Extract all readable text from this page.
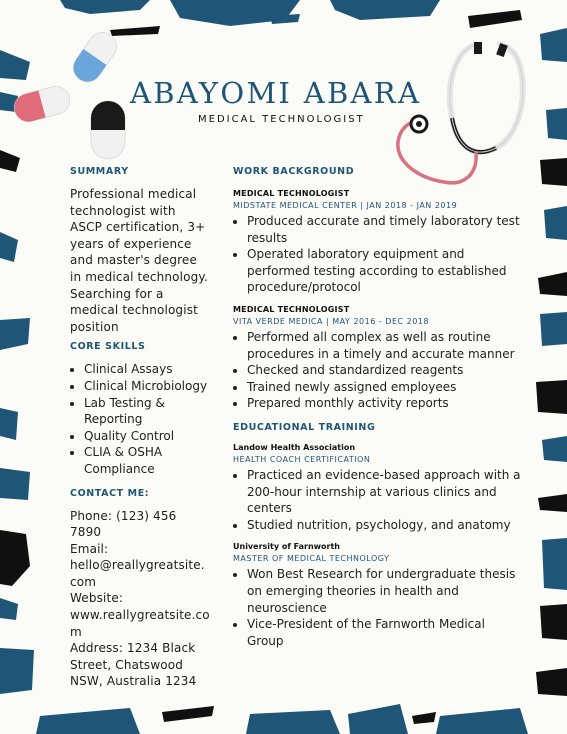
ABAYOMI ABARA
MEDICAL TECHNOLOGIST
SUMMARY
Professional medical technologist with ASCP certification, 3+ years of experience and master's degree in medical technology. Searching for a medical technologist position
CORE SKILLS
• Clinical Assays
• Clinical Microbiology
• Lab Testing & Reporting
• Quality Control
• CLIA & OSHA Compliance
CONTACT ME:
Phone: (123) 456 7890
Email:
hello@reallygreatsite.com
Website:
www.reallygreatsite.com
Address: 1234 Black Street, Chatswood NSW, Australia 1234
WORK BACKGROUND
MEDICAL TECHNOLOGIST
MIDSTATE MEDICAL CENTER | JAN 2018 - JAN 2019
• Produced accurate and timely laboratory test results
• Operated laboratory equipment and performed testing according to established procedure/protocol
MEDICAL TECHNOLOGIST
VITA VERDE MEDICA | MAY 2016 - DEC 2018
• Performed all complex as well as routine procedures in a timely and accurate manner
• Checked and standardized reagents
• Trained newly assigned employees
• Prepared monthly activity reports
EDUCATIONAL TRAINING
Landow Health Association
HEALTH COACH CERTIFICATION
• Practiced an evidence-based approach with a 200-hour internship at various clinics and centers
• Studied nutrition, psychology, and anatomy
University of Farnworth
MASTER OF MEDICAL TECHNOLOGY
• Won Best Research for undergraduate thesis on emerging theories in health and neuroscience
• Vice-President of the Farnworth Medical Group
